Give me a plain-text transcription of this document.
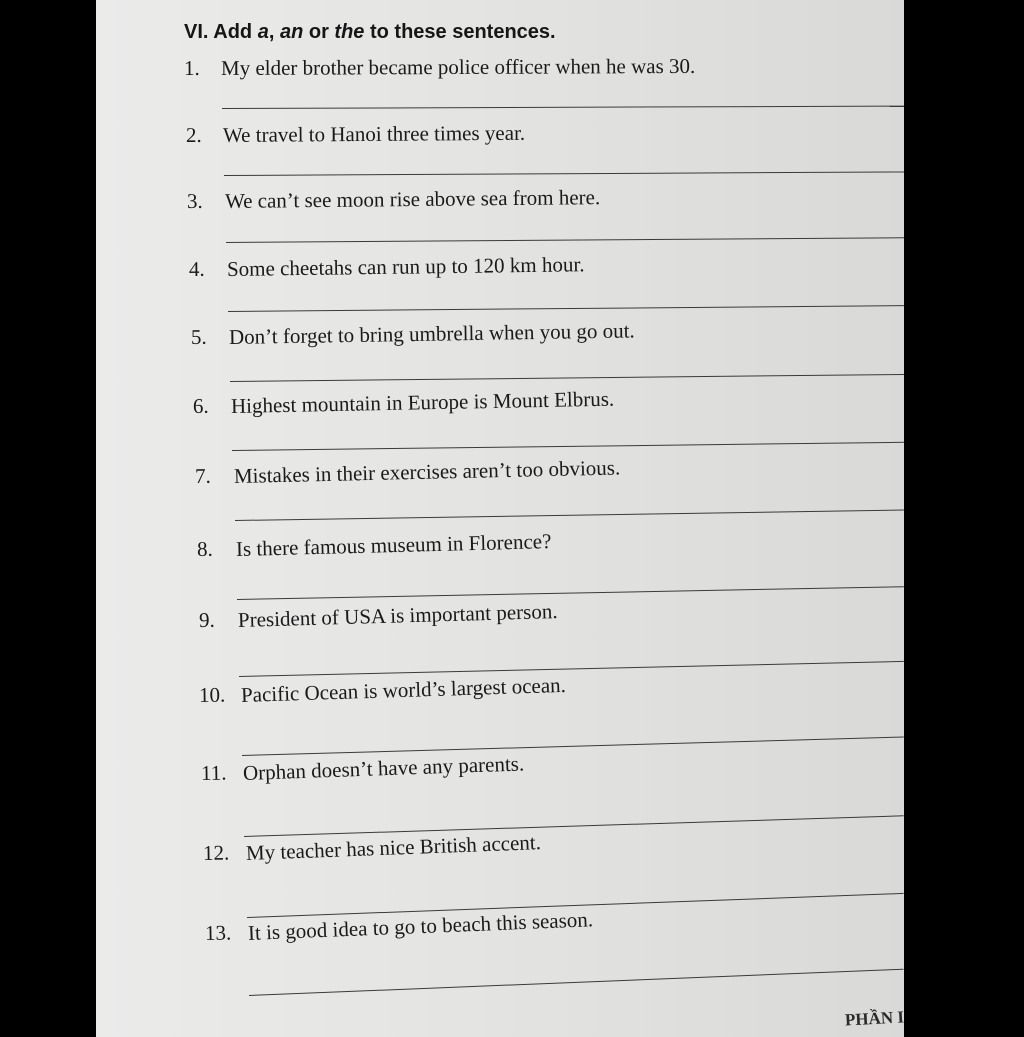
VI. Add a, an or the to these sentences.
1. My elder brother became police officer when he was 30.
2. We travel to Hanoi three times year.
3. We can’t see moon rise above sea from here.
4. Some cheetahs can run up to 120 km hour.
5. Don’t forget to bring umbrella when you go out.
6. Highest mountain in Europe is Mount Elbrus.
7. Mistakes in their exercises aren’t too obvious.
8. Is there famous museum in Florence?
9. President of USA is important person.
10. Pacific Ocean is world’s largest ocean.
11. Orphan doesn’t have any parents.
12. My teacher has nice British accent.
13. It is good idea to go to beach this season.
PHẦN I
